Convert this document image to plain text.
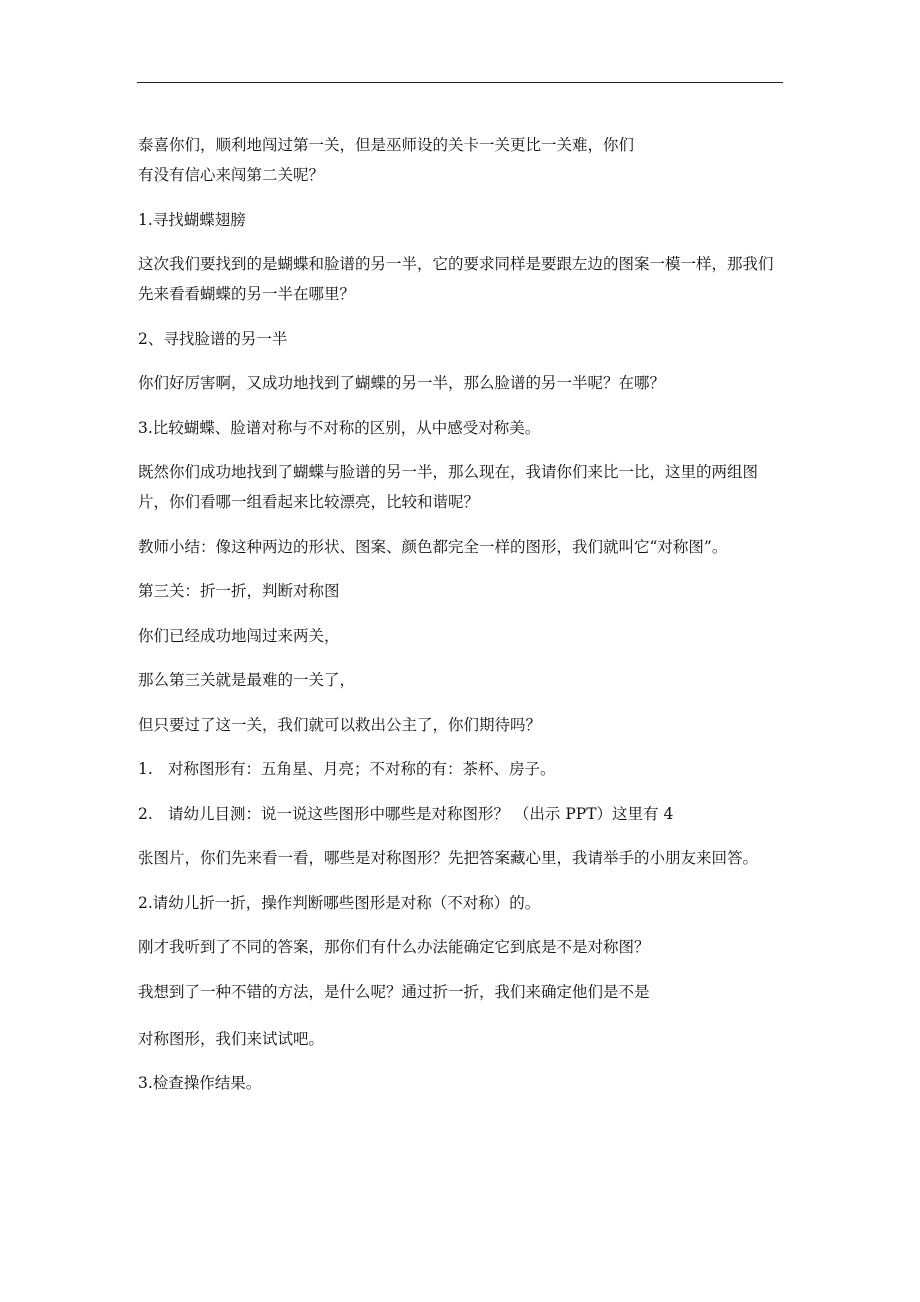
泰喜你们，顺利地闯过第一关，但是巫师设的关卡一关更比一关难，你们

有没有信心来闯第二关呢？

1.寻找蝴蝶翅膀

这次我们要找到的是蝴蝶和脸谱的另一半，它的要求同样是要跟左边的图案一模一样，那我们先来看看蝴蝶的另一半在哪里？

2、寻找脸谱的另一半

你们好厉害啊，又成功地找到了蝴蝶的另一半，那么脸谱的另一半呢？在哪？

3.比较蝴蝶、脸谱对称与不对称的区别，从中感受对称美。

既然你们成功地找到了蝴蝶与脸谱的另一半，那么现在，我请你们来比一比，这里的两组图片，你们看哪一组看起来比较漂亮，比较和谐呢？

教师小结：像这种两边的形状、图案、颜色都完全一样的图形，我们就叫它“对称图”。

第三关：折一折，判断对称图

你们已经成功地闯过来两关，

那么第三关就是最难的一关了，

但只要过了这一关，我们就可以救出公主了，你们期待吗？

1. 对称图形有：五角星、月亮；不对称的有：茶杯、房子。

2. 请幼儿目测：说一说这些图形中哪些是对称图形？ （出示 PPT）这里有 4

张图片，你们先来看一看，哪些是对称图形？先把答案藏心里，我请举手的小朋友来回答。

2.请幼儿折一折，操作判断哪些图形是对称（不对称）的。

刚才我听到了不同的答案，那你们有什么办法能确定它到底是不是对称图？

我想到了一种不错的方法，是什么呢？通过折一折，我们来确定他们是不是

对称图形，我们来试试吧。

3.检查操作结果。
